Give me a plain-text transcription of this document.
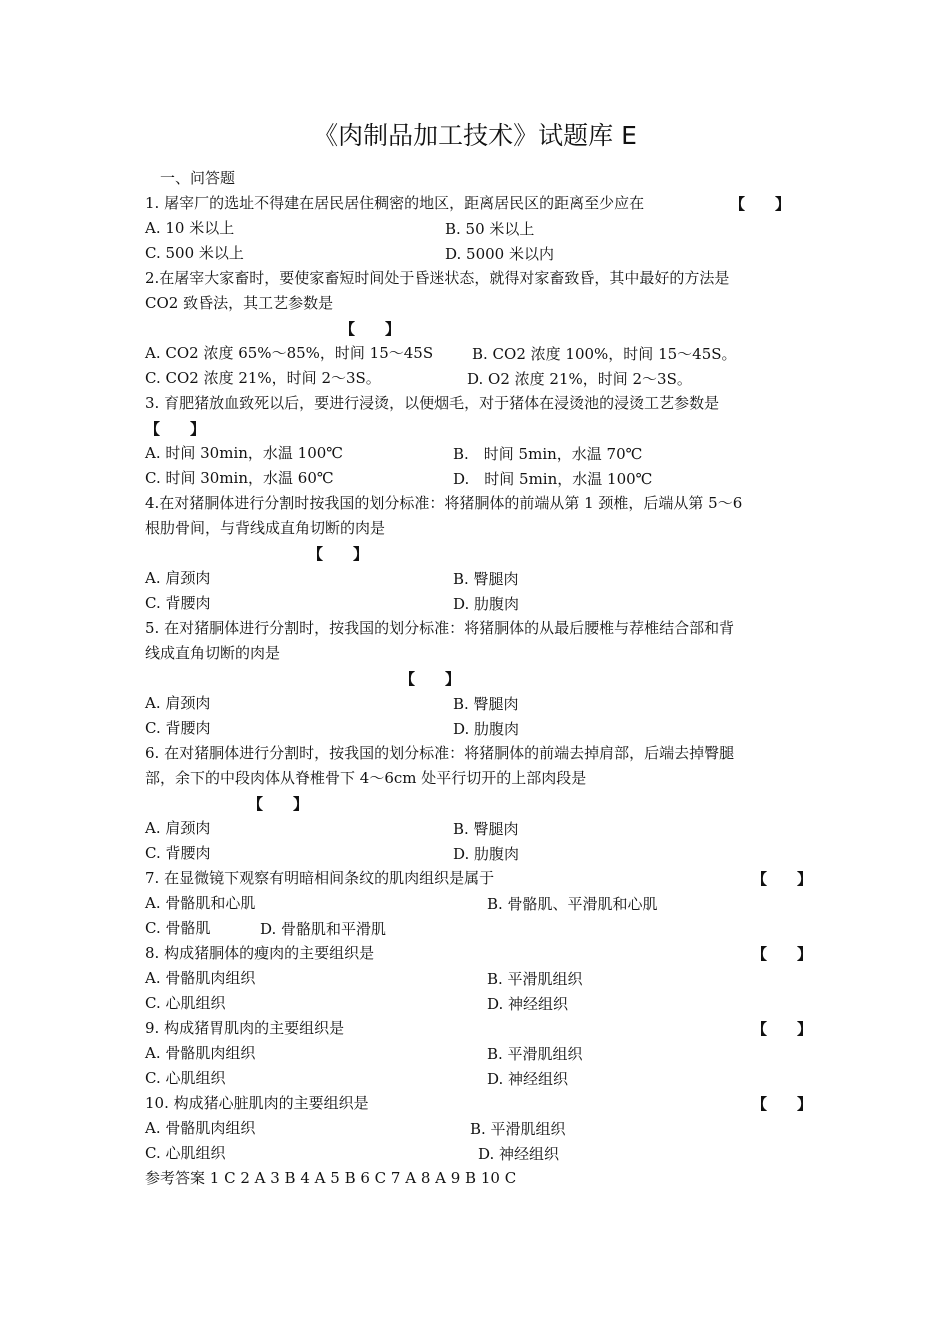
《肉制品加工技术》试题库 E
一、问答题
1. 屠宰厂的选址不得建在居民居住稠密的地区，距离居民区的距离至少应在	【　　】
A. 10 米以上	B. 50 米以上
C. 500 米以上	D. 5000 米以内
2.在屠宰大家畜时，要使家畜短时间处于昏迷状态，就得对家畜致昏，其中最好的方法是
CO2 致昏法，其工艺参数是
【　　】
A. CO2 浓度 65%～85%，时间 15～45S	B. CO2 浓度 100%，时间 15～45S。
C. CO2 浓度 21%，时间 2～3S。	D. O2 浓度 21%，时间 2～3S。
3. 育肥猪放血致死以后，要进行浸烫，以便烟毛，对于猪体在浸烫池的浸烫工艺参数是
【　　】
A. 时间 30min，水温 100℃	B.　时间 5min，水温 70℃
C. 时间 30min，水温 60℃	D.　时间 5min，水温 100℃
4.在对猪胴体进行分割时按我国的划分标准：将猪胴体的前端从第 1 颈椎，后端从第 5～6
根肋骨间，与背线成直角切断的肉是
【　　】
A. 肩颈肉	B. 臀腿肉
C. 背腰肉	D. 肋腹肉
5. 在对猪胴体进行分割时，按我国的划分标准：将猪胴体的从最后腰椎与荐椎结合部和背
线成直角切断的肉是
【　　】
A. 肩颈肉	B. 臀腿肉
C. 背腰肉	D. 肋腹肉
6. 在对猪胴体进行分割时，按我国的划分标准：将猪胴体的前端去掉肩部，后端去掉臀腿
部，余下的中段肉体从脊椎骨下 4～6cm 处平行切开的上部肉段是
【　　】
A. 肩颈肉	B. 臀腿肉
C. 背腰肉	D. 肋腹肉
7. 在显微镜下观察有明暗相间条纹的肌肉组织是属于	【　　】
A. 骨骼肌和心肌	B. 骨骼肌、平滑肌和心肌
C. 骨骼肌	D. 骨骼肌和平滑肌
8. 构成猪胴体的瘦肉的主要组织是	【　　】
A. 骨骼肌肉组织	B. 平滑肌组织
C. 心肌组织	D. 神经组织
9. 构成猪胃肌肉的主要组织是	【　　】
A. 骨骼肌肉组织	B. 平滑肌组织
C. 心肌组织	D. 神经组织
10. 构成猪心脏肌肉的主要组织是	【　　】
A. 骨骼肌肉组织	B. 平滑肌组织
C. 心肌组织	D. 神经组织
参考答案 1 C 2 A 3 B 4 A 5 B 6 C 7 A 8 A 9 B 10 C
